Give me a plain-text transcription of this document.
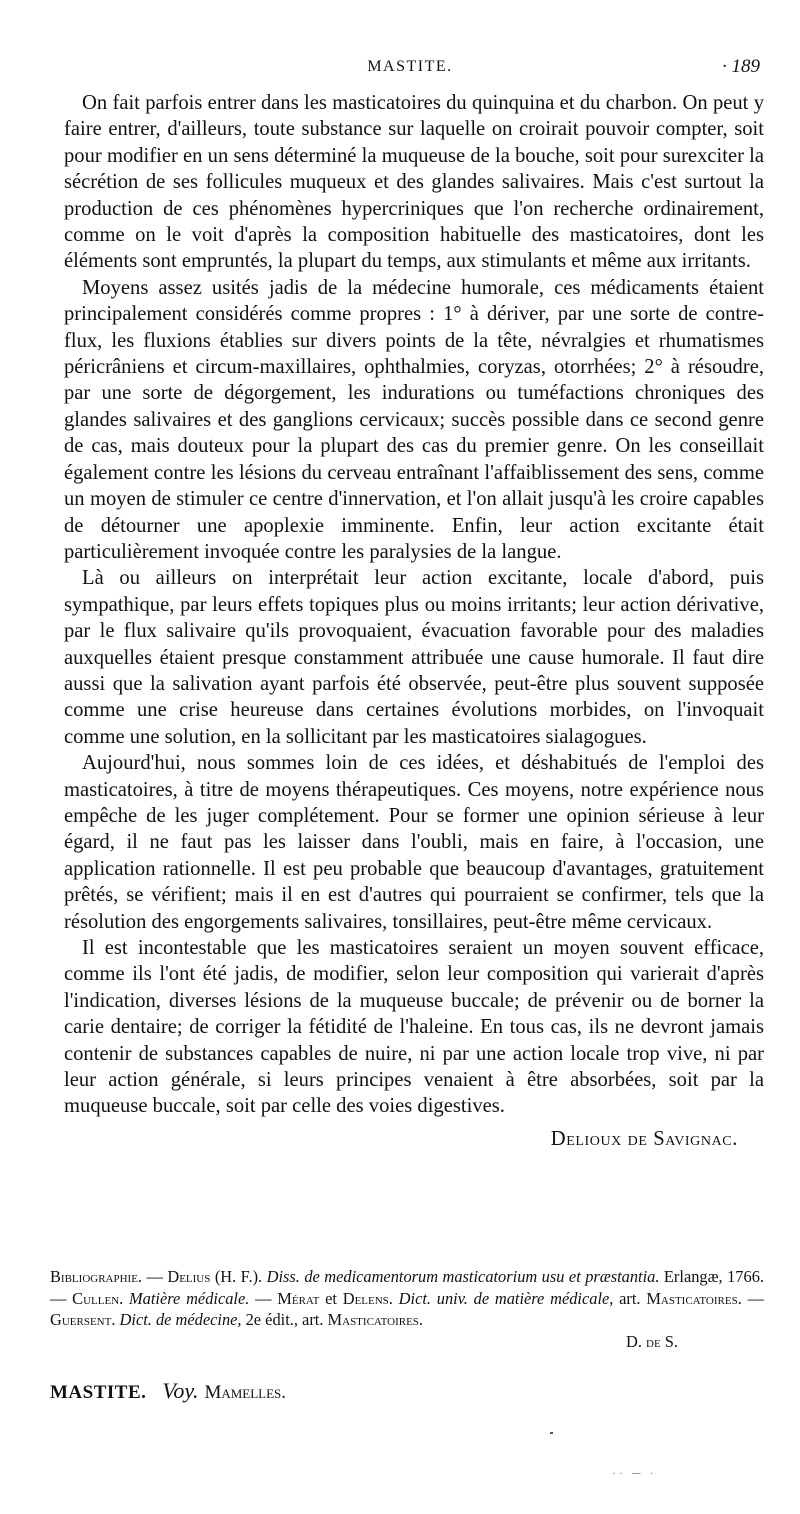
MASTITE.	· 189

On fait parfois entrer dans les masticatoires du quinquina et du charbon. On peut y faire entrer, d'ailleurs, toute substance sur laquelle on croirait pouvoir compter, soit pour modifier en un sens déterminé la muqueuse de la bouche, soit pour surexciter la sécrétion de ses follicules muqueux et des glandes salivaires. Mais c'est surtout la production de ces phénomènes hypercriniques que l'on recherche ordinairement, comme on le voit d'après la composition habituelle des masticatoires, dont les éléments sont empruntés, la plupart du temps, aux stimulants et même aux irritants.

Moyens assez usités jadis de la médecine humorale, ces médicaments étaient principalement considérés comme propres : 1° à dériver, par une sorte de contre-flux, les fluxions établies sur divers points de la tête, névralgies et rhumatismes péricrâniens et circum-maxillaires, ophthalmies, coryzas, otorrhées; 2° à résoudre, par une sorte de dégorgement, les indurations ou tuméfactions chroniques des glandes salivaires et des ganglions cervicaux; succès possible dans ce second genre de cas, mais douteux pour la plupart des cas du premier genre. On les conseillait également contre les lésions du cerveau entraînant l'affaiblissement des sens, comme un moyen de stimuler ce centre d'innervation, et l'on allait jusqu'à les croire capables de détourner une apoplexie imminente. Enfin, leur action excitante était particulièrement invoquée contre les paralysies de la langue.

Là ou ailleurs on interprétait leur action excitante, locale d'abord, puis sympathique, par leurs effets topiques plus ou moins irritants; leur action dérivative, par le flux salivaire qu'ils provoquaient, évacuation favorable pour des maladies auxquelles étaient presque constamment attribuée une cause humorale. Il faut dire aussi que la salivation ayant parfois été observée, peut-être plus souvent supposée comme une crise heureuse dans certaines évolutions morbides, on l'invoquait comme une solution, en la sollicitant par les masticatoires sialagogues.

Aujourd'hui, nous sommes loin de ces idées, et déshabitués de l'emploi des masticatoires, à titre de moyens thérapeutiques. Ces moyens, notre expérience nous empêche de les juger complétement. Pour se former une opinion sérieuse à leur égard, il ne faut pas les laisser dans l'oubli, mais en faire, à l'occasion, une application rationnelle. Il est peu probable que beaucoup d'avantages, gratuitement prêtés, se vérifient; mais il en est d'autres qui pourraient se confirmer, tels que la résolution des engorgements salivaires, tonsillaires, peut-être même cervicaux.

Il est incontestable que les masticatoires seraient un moyen souvent efficace, comme ils l'ont été jadis, de modifier, selon leur composition qui varierait d'après l'indication, diverses lésions de la muqueuse buccale; de prévenir ou de borner la carie dentaire; de corriger la fétidité de l'haleine. En tous cas, ils ne devront jamais contenir de substances capables de nuire, ni par une action locale trop vive, ni par leur action générale, si leurs principes venaient à être absorbées, soit par la muqueuse buccale, soit par celle des voies digestives.

Delioux de Savignac.

Bibliographie. — Delius (H. F.). Diss. de medicamentorum masticatorium usu et præstantia. Erlangæ, 1766. — Cullen. Matière médicale. — Mérat et Delens. Dict. univ. de matière médicale, art. Masticatoires. — Guersent. Dict. de médecine, 2e édit., art. Masticatoires.

D. de S.
MASTITE. Voy. Mamelles.
·· ─ ·
